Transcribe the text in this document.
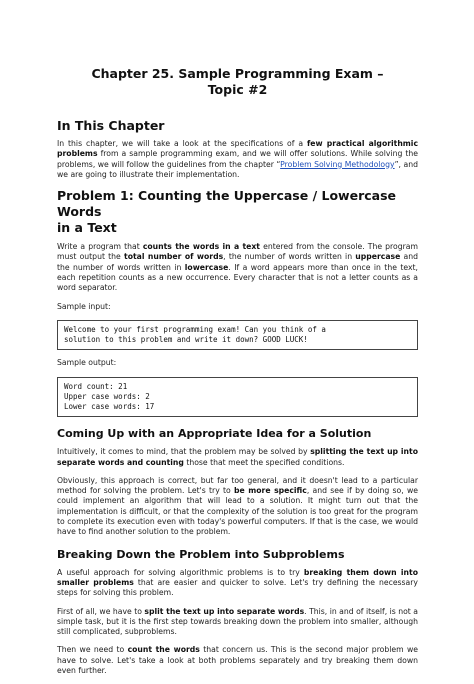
Chapter 25. Sample Programming Exam –
Topic #2
In This Chapter

In this chapter, we will take a look at the specifications of a few practical algorithmic problems from a sample programming exam, and we will offer solutions. While solving the problems, we will follow the guidelines from the chapter “Problem Solving Methodology”, and we are going to illustrate their implementation.

Problem 1: Counting the Uppercase / Lowercase Words
in a Text

Write a program that counts the words in a text entered from the console. The program must output the total number of words, the number of words written in uppercase and the number of words written in lowercase. If a word appears more than once in the text, each repetition counts as a new occurrence. Every character that is not a letter counts as a word separator.

Sample input:

Welcome to your first programming exam! Can you think of a
solution to this problem and write it down? GOOD LUCK!

Sample output:

Word count: 21
Upper case words: 2
Lower case words: 17
Coming Up with an Appropriate Idea for a Solution

Intuitively, it comes to mind, that the problem may be solved by splitting the text up into separate words and counting those that meet the specified conditions.

Obviously, this approach is correct, but far too general, and it doesn't lead to a particular method for solving the problem. Let's try to be more specific, and see if by doing so, we could implement an algorithm that will lead to a solution. It might turn out that the implementation is difficult, or that the complexity of the solution is too great for the program to complete its execution even with today's powerful computers. If that is the case, we would have to find another solution to the problem.

Breaking Down the Problem into Subproblems

A useful approach for solving algorithmic problems is to try breaking them down into smaller problems that are easier and quicker to solve. Let's try defining the necessary steps for solving this problem.

First of all, we have to split the text up into separate words. This, in and of itself, is not a simple task, but it is the first step towards breaking down the problem into smaller, although still complicated, subproblems.

Then we need to count the words that concern us. This is the second major problem we have to solve. Let's take a look at both problems separately and try breaking them down even further.
